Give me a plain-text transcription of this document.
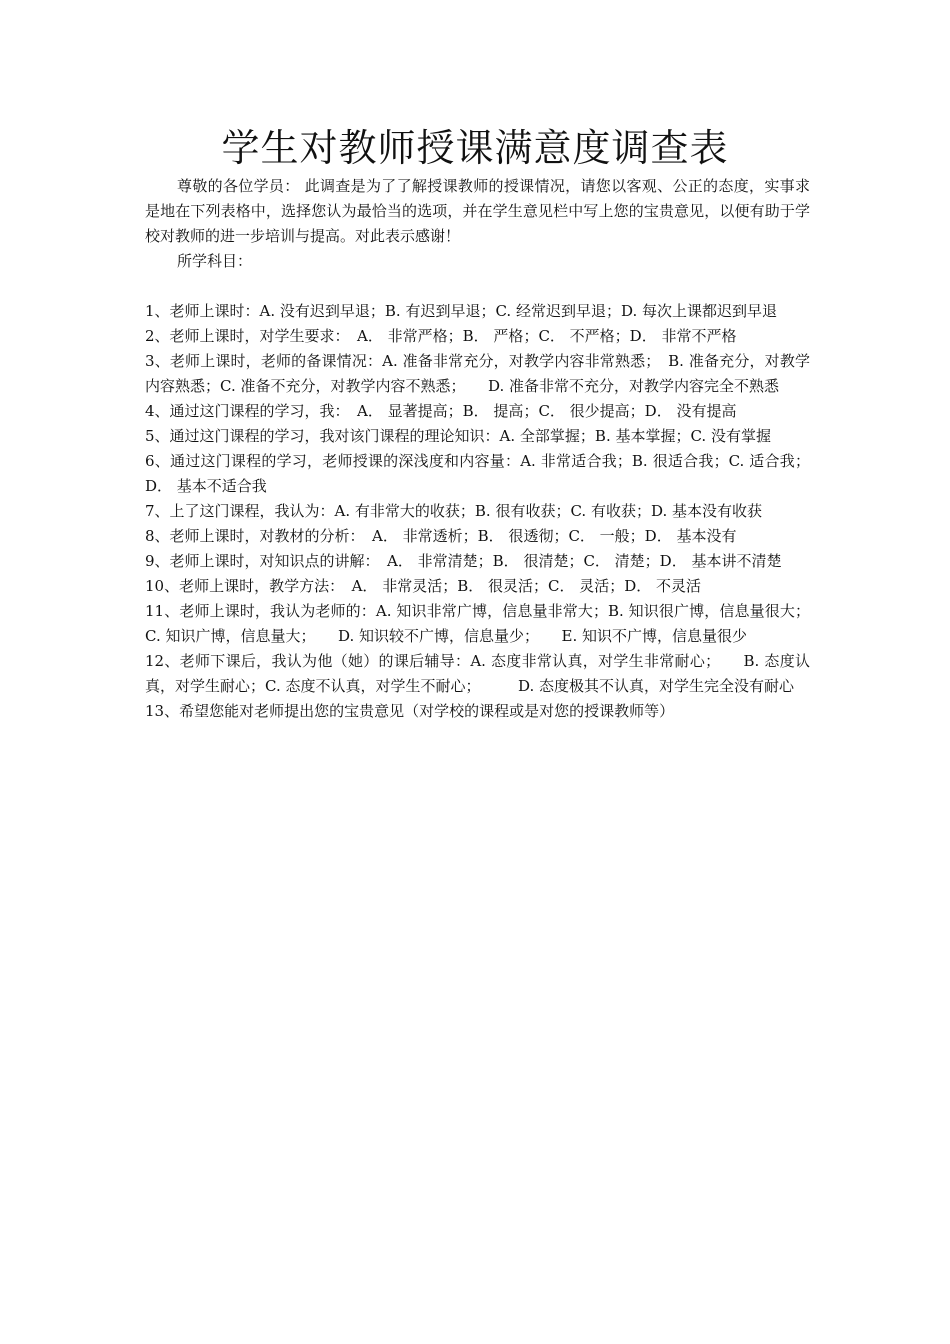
学生对教师授课满意度调查表

尊敬的各位学员： 此调查是为了了解授课教师的授课情况，请您以客观、公正的态度，实事求是地在下列表格中，选择您认为最恰当的选项，并在学生意见栏中写上您的宝贵意见，以便有助于学校对教师的进一步培训与提高。对此表示感谢！

所学科目：

1、老师上课时：A. 没有迟到早退；B. 有迟到早退；C. 经常迟到早退；D. 每次上课都迟到早退

2、老师上课时，对学生要求：　A． 非常严格；B． 严格；C． 不严格；D． 非常不严格

3、老师上课时，老师的备课情况：A. 准备非常充分，对教学内容非常熟悉；　B. 准备充分，对教学内容熟悉；C. 准备不充分，对教学内容不熟悉；　　D. 准备非常不充分，对教学内容完全不熟悉

4、通过这门课程的学习，我：　A． 显著提高；B． 提高；C． 很少提高；D． 没有提高

5、通过这门课程的学习，我对该门课程的理论知识：A. 全部掌握；B. 基本掌握；C. 没有掌握

6、通过这门课程的学习，老师授课的深浅度和内容量：A. 非常适合我；B. 很适合我；C. 适合我；D． 基本不适合我

7、上了这门课程，我认为：A. 有非常大的收获；B. 很有收获；C. 有收获；D. 基本没有收获

8、老师上课时，对教材的分析：　A． 非常透析；B． 很透彻；C． 一般；D． 基本没有

9、老师上课时，对知识点的讲解：　A． 非常清楚；B． 很清楚；C． 清楚；D． 基本讲不清楚

10、老师上课时，教学方法：　A． 非常灵活；B． 很灵活；C． 灵活；D． 不灵活

11、老师上课时，我认为老师的：A. 知识非常广博，信息量非常大；B. 知识很广博，信息量很大；C. 知识广博，信息量大；　　D. 知识较不广博，信息量少；　　E. 知识不广博，信息量很少

12、老师下课后，我认为他（她）的课后辅导：A. 态度非常认真，对学生非常耐心；　　B. 态度认真，对学生耐心；C. 态度不认真，对学生不耐心；　　　D. 态度极其不认真，对学生完全没有耐心

13、希望您能对老师提出您的宝贵意见（对学校的课程或是对您的授课教师等）
